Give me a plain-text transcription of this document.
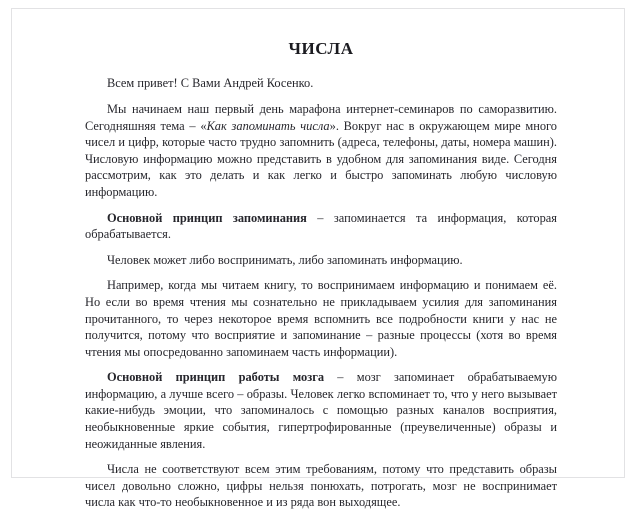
ЧИСЛА

Всем привет! С Вами Андрей Косенко.

Мы начинаем наш первый день марафона интернет-семинаров по саморазвитию. Сегодняшняя тема – «Как запоминать числа». Вокруг нас в окружающем мире много чисел и цифр, которые часто трудно запомнить (адреса, телефоны, даты, номера машин). Числовую информацию можно представить в удобном для запоминания виде. Сегодня рассмотрим, как это делать и как легко и быстро запоминать любую числовую информацию.

Основной принцип запоминания – запоминается та информация, которая обрабатывается.

Человек может либо воспринимать, либо запоминать информацию.

Например, когда мы читаем книгу, то воспринимаем информацию и понимаем её. Но если во время чтения мы сознательно не прикладываем усилия для запоминания прочитанного, то через некоторое время вспомнить все подробности книги у нас не получится, потому что восприятие и запоминание – разные процессы (хотя во время чтения мы опосредованно запоминаем часть информации).

Основной принцип работы мозга – мозг запоминает обрабатываемую информацию, а лучше всего – образы. Человек легко вспоминает то, что у него вызывает какие-нибудь эмоции, что запоминалось с помощью разных каналов восприятия, необыкновенные яркие события, гипертрофированные (преувеличенные) образы и неожиданные явления.

Числа не соответствуют всем этим требованиям, потому что представить образы чисел довольно сложно, цифры нельзя понюхать, потрогать, мозг не воспринимает числа как что-то необыкновенное и из ряда вон выходящее.
